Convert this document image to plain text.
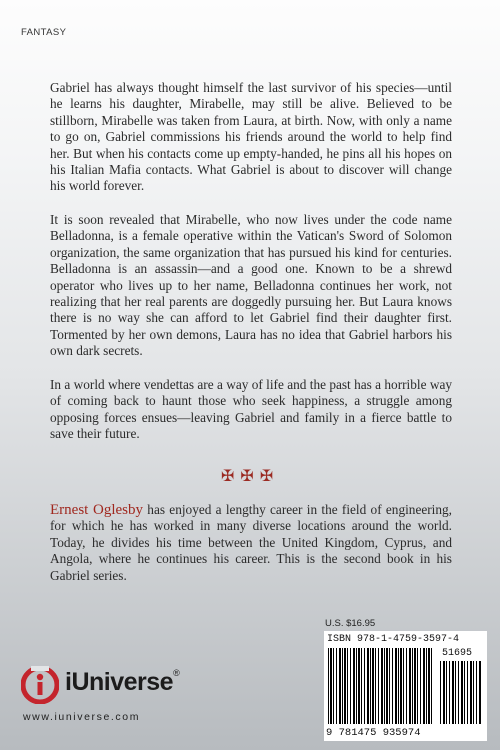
FANTASY

Gabriel has always thought himself the last survivor of his species—until he learns his daughter, Mirabelle, may still be alive. Believed to be stillborn, Mirabelle was taken from Laura, at birth. Now, with only a name to go on, Gabriel commissions his friends around the world to help find her. But when his contacts come up empty-handed, he pins all his hopes on his Italian Mafia contacts. What Gabriel is about to discover will change his world forever.

It is soon revealed that Mirabelle, who now lives under the code name Belladonna, is a female operative within the Vatican's Sword of Solomon organization, the same organization that has pursued his kind for centuries. Belladonna is an assassin—and a good one. Known to be a shrewd operator who lives up to her name, Belladonna continues her work, not realizing that her real parents are doggedly pursuing her. But Laura knows there is no way she can afford to let Gabriel find their daughter first. Tormented by her own demons, Laura has no idea that Gabriel harbors his own dark secrets.

In a world where vendettas are a way of life and the past has a horrible way of coming back to haunt those who seek happiness, a struggle among opposing forces ensues—leaving Gabriel and family in a fierce battle to save their future.

✠✠✠

Ernest Oglesby has enjoyed a lengthy career in the field of engineering, for which he has worked in many diverse locations around the world. Today, he divides his time between the United Kingdom, Cyprus, and Angola, where he continues his career. This is the second book in his Gabriel series.

U.S. $16.95
ISBN 978-1-4759-3597-4
51695
9 781475 935974
iUniverse®
www.iuniverse.com
